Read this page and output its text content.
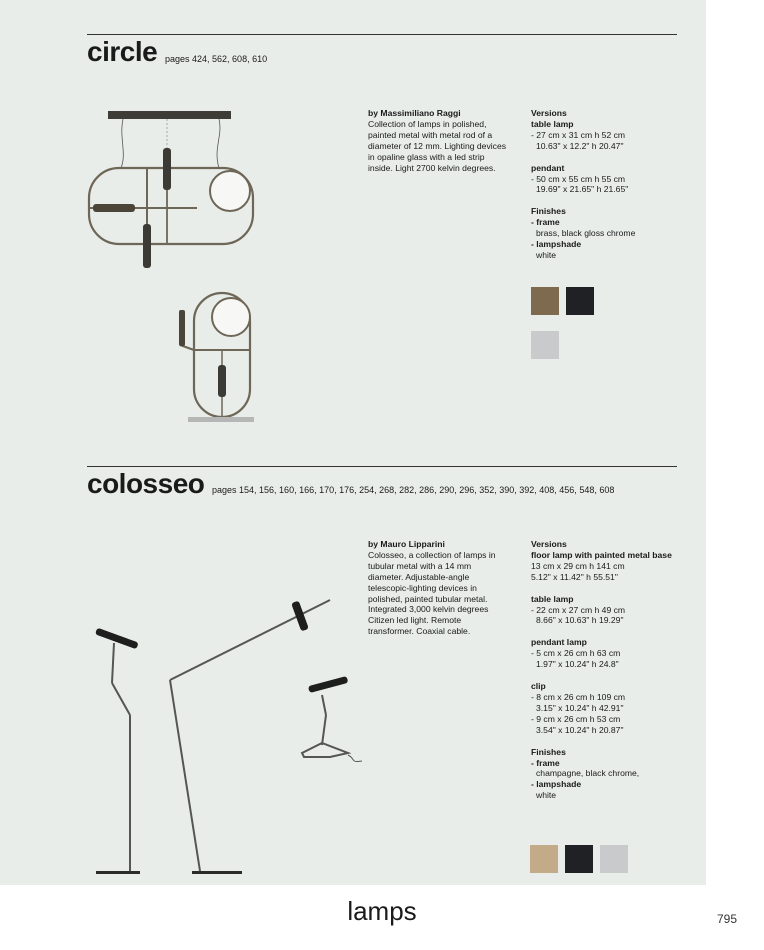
circle pages 424, 562, 608, 610
by Massimiliano Raggi
Collection of lamps in polished, painted metal with metal rod of a diameter of 12 mm. Lighting devices in opaline glass with a led strip inside. Light 2700 kelvin degrees.
Versions
table lamp
- 27 cm x 31 cm h 52 cm
10.63" x 12.2" h 20.47"
pendant
- 50 cm x 55 cm h 55 cm
19.69" x 21.65" h 21.65"
Finishes
- frame
brass, black gloss chrome
- lampshade
white
colosseo pages 154, 156, 160, 166, 170, 176, 254, 268, 282, 286, 290, 296, 352, 390, 392, 408, 456, 548, 608
by Mauro Lipparini
Colosseo, a collection of lamps in tubular metal with a 14 mm diameter. Adjustable-angle telescopic-lighting devices in polished, painted tubular metal. Integrated 3,000 kelvin degrees Citizen led light. Remote transformer. Coaxial cable.
Versions
floor lamp with painted metal base
13 cm x 29 cm h 141 cm
5.12" x 11.42" h 55.51"
table lamp
- 22 cm x 27 cm h 49 cm
8.66" x 10.63" h 19.29"
pendant lamp
- 5 cm x 26 cm h 63 cm
1.97" x 10.24" h 24.8"
clip
- 8 cm x 26 cm h 109 cm
3.15" x 10.24" h 42.91"
- 9 cm x 26 cm h 53 cm
3.54" x 10.24" h 20.87"
Finishes
- frame
champagne, black chrome,
- lampshade
white
lamps	795
